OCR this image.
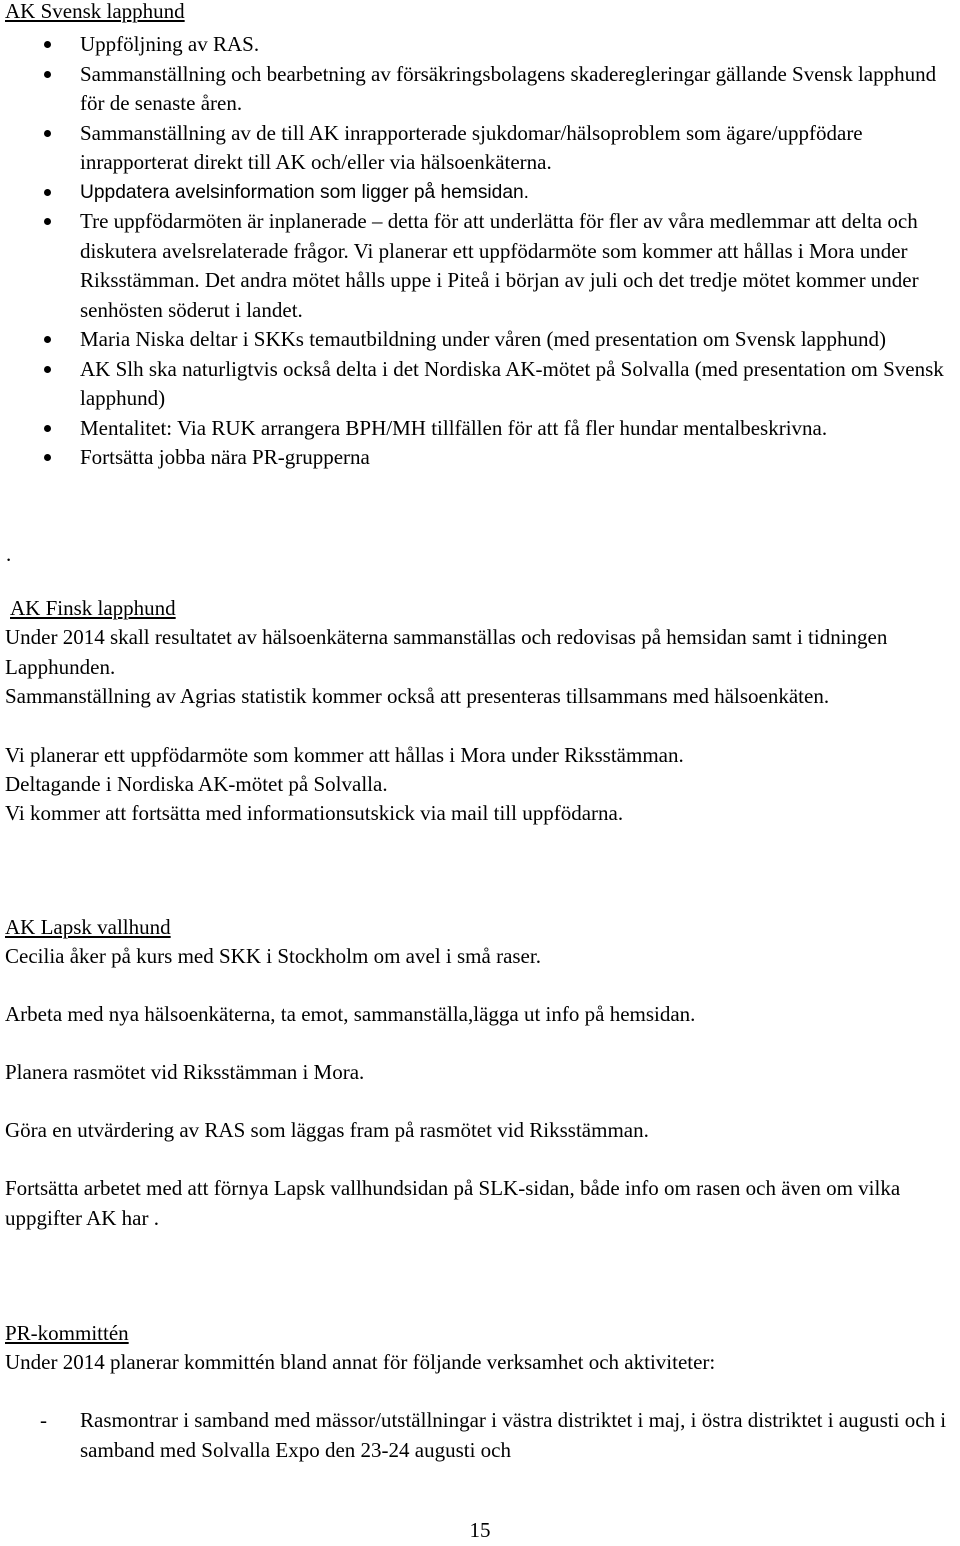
AK Svensk lapphund
Uppföljning av RAS.
Sammanställning och bearbetning av försäkringsbolagens skaderegleringar gällande Svensk lapphund för de senaste åren.
Sammanställning av de till AK inrapporterade sjukdomar/hälsoproblem som ägare/uppfödare inrapporterat direkt till AK och/eller via hälsoenkäterna.
Uppdatera avelsinformation som ligger på hemsidan.
Tre uppfödarmöten är inplanerade – detta för att underlätta för fler av våra medlemmar att delta och diskutera avelsrelaterade frågor. Vi planerar ett uppfödarmöte som kommer att hållas i Mora under Riksstämman. Det andra mötet hålls uppe i Piteå i början av juli och det tredje mötet kommer under senhösten söderut i landet.
Maria Niska deltar i SKKs temautbildning under våren (med presentation om Svensk lapphund)
AK Slh ska naturligtvis också delta i det Nordiska AK-mötet på Solvalla (med presentation om Svensk lapphund)
Mentalitet: Via RUK arrangera BPH/MH tillfällen för att få fler hundar mentalbeskrivna.
Fortsätta jobba nära PR-grupperna
.
AK Finsk lapphund

Under 2014 skall resultatet av hälsoenkäterna sammanställas och redovisas på hemsidan samt i tidningen Lapphunden.

Sammanställning av Agrias statistik kommer också att presenteras tillsammans med hälsoenkäten.

Vi planerar ett uppfödarmöte som kommer att hållas i Mora under Riksstämman.

Deltagande i Nordiska AK-mötet på Solvalla.

Vi kommer att fortsätta med informationsutskick via mail till uppfödarna.

AK Lapsk vallhund

Cecilia åker på kurs med SKK i Stockholm om avel i små raser.

Arbeta med nya hälsoenkäterna, ta emot, sammanställa,lägga ut info på hemsidan.

Planera rasmötet vid Riksstämman i Mora.

Göra en utvärdering av RAS som läggas fram på rasmötet vid Riksstämman.

Fortsätta arbetet med att förnya Lapsk vallhundsidan på SLK-sidan, både info om rasen och även om vilka uppgifter AK har .

PR-kommittén

Under 2014 planerar kommittén bland annat för följande verksamhet och aktiviteter:

- Rasmontrar i samband med mässor/utställningar i västra distriktet i maj, i östra distriktet i augusti och i samband med Solvalla Expo den 23-24 augusti och
15
